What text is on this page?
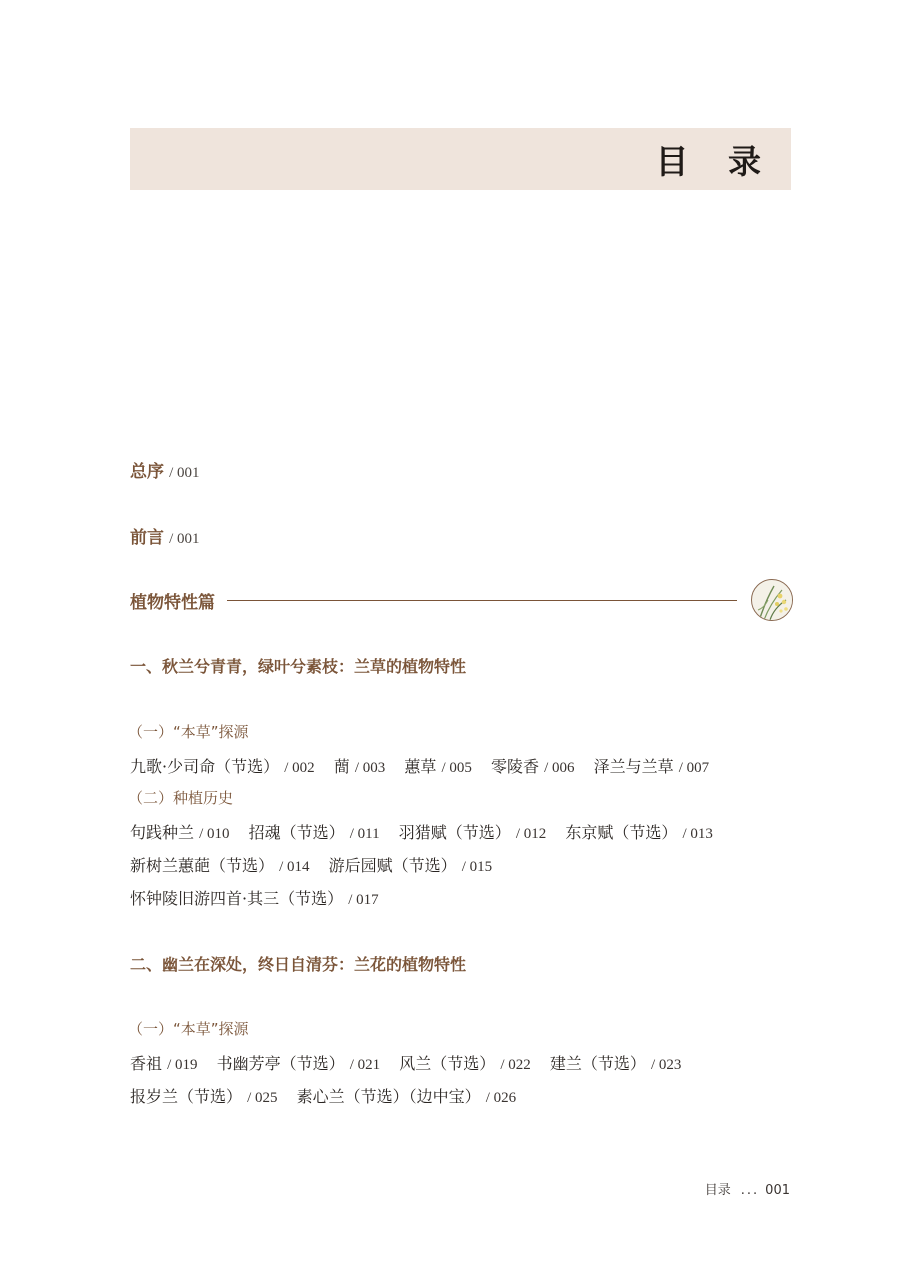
目 录
总序 / 001
前言 / 001
植物特性篇
一、秋兰兮青青，绿叶兮素枝：兰草的植物特性
（一）“本草”探源
九歌·少司命（节选） / 002 蕳 / 003 蕙草 / 005 零陵香 / 006 泽兰与兰草 / 007
（二）种植历史
句践种兰 / 010 招魂（节选） / 011 羽猎赋（节选） / 012 东京赋（节选） / 013
新树兰蕙葩（节选） / 014 游后园赋（节选） / 015
怀钟陵旧游四首·其三（节选） / 017
二、幽兰在深处，终日自清芬：兰花的植物特性
（一）“本草”探源
香祖 / 019 书幽芳亭（节选） / 021 风兰（节选） / 022 建兰（节选） / 023
报岁兰（节选） / 025 素心兰（节选）（边中宝） / 026
目录 ... 001
